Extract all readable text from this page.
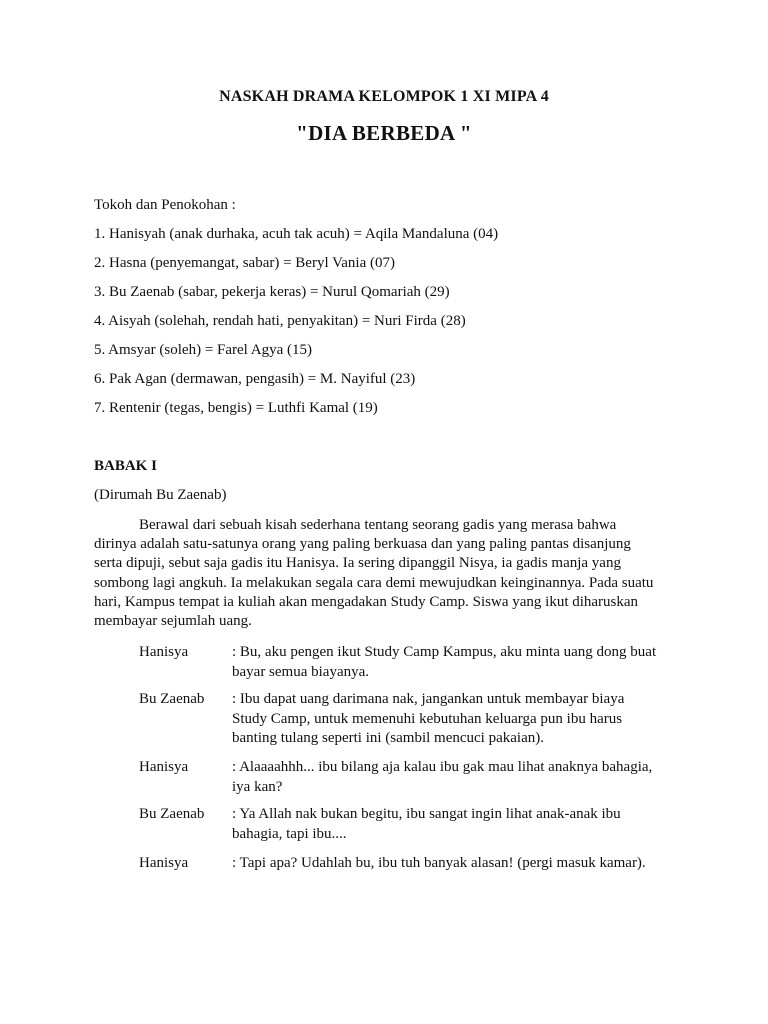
NASKAH DRAMA KELOMPOK 1 XI MIPA 4
"DIA BERBEDA "

Tokoh dan Penokohan :

1. Hanisyah (anak durhaka, acuh tak acuh) = Aqila Mandaluna (04)

2. Hasna (penyemangat, sabar) = Beryl Vania (07)

3. Bu Zaenab (sabar, pekerja keras) = Nurul Qomariah (29)

4. Aisyah (solehah, rendah hati, penyakitan) = Nuri Firda (28)

5. Amsyar (soleh) = Farel Agya (15)

6. Pak Agan (dermawan, pengasih) = M. Nayiful (23)

7. Rentenir (tegas, bengis) = Luthfi Kamal (19)

BABAK I

(Dirumah Bu Zaenab)

Berawal dari sebuah kisah sederhana tentang seorang gadis yang merasa bahwa
dirinya adalah satu-satunya orang yang paling berkuasa dan yang paling pantas disanjung
serta dipuji, sebut saja gadis itu Hanisya. Ia sering dipanggil Nisya, ia gadis manja yang
sombong lagi angkuh. Ia melakukan segala cara demi mewujudkan keinginannya. Pada suatu
hari, Kampus tempat ia kuliah akan mengadakan Study Camp. Siswa yang ikut diharuskan
membayar sejumlah uang.
Hanisya	: Bu, aku pengen ikut Study Camp Kampus, aku minta uang dong buat
bayar semua biayanya.
Bu Zaenab : Ibu dapat uang darimana nak, jangankan untuk membayar biaya
Study Camp, untuk memenuhi kebutuhan keluarga pun ibu harus
banting tulang seperti ini (sambil mencuci pakaian).
Hanisya	: Alaaaahhh... ibu bilang aja kalau ibu gak mau lihat anaknya bahagia,
iya kan?
Bu Zaenab : Ya Allah nak bukan begitu, ibu sangat ingin lihat anak-anak ibu
bahagia, tapi ibu....
Hanisya	: Tapi apa? Udahlah bu, ibu tuh banyak alasan! (pergi masuk kamar).
